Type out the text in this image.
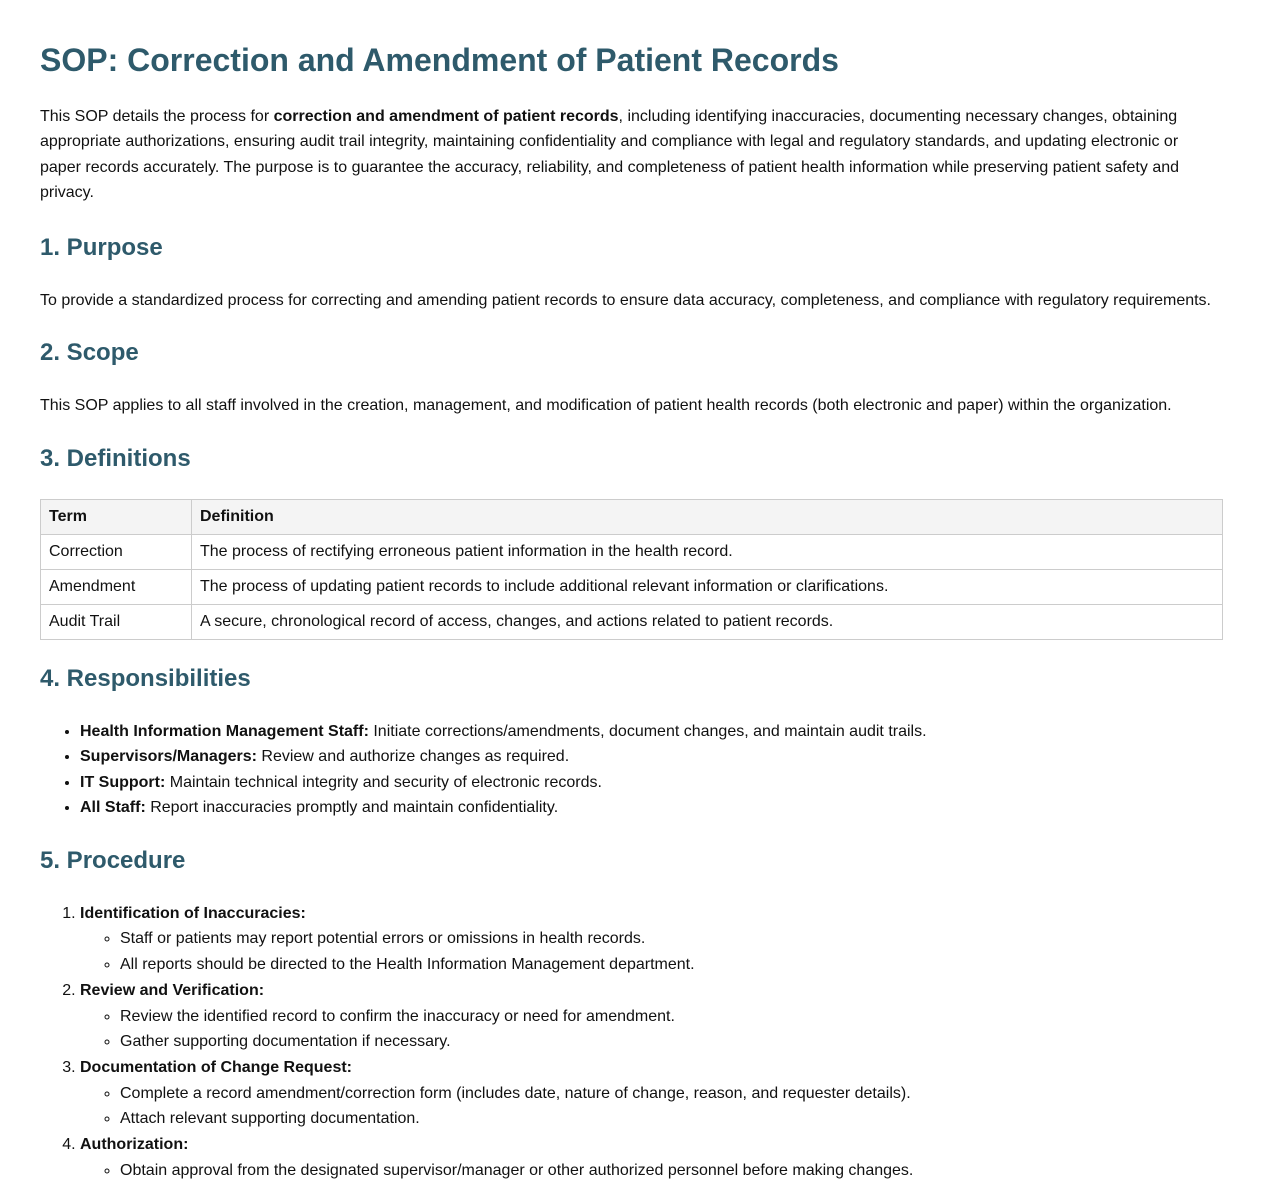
SOP: Correction and Amendment of Patient Records

This SOP details the process for correction and amendment of patient records, including identifying inaccuracies, documenting necessary changes, obtaining appropriate authorizations, ensuring audit trail integrity, maintaining confidentiality and compliance with legal and regulatory standards, and updating electronic or paper records accurately. The purpose is to guarantee the accuracy, reliability, and completeness of patient health information while preserving patient safety and privacy.

1. Purpose

To provide a standardized process for correcting and amending patient records to ensure data accuracy, completeness, and compliance with regulatory requirements.

2. Scope

This SOP applies to all staff involved in the creation, management, and modification of patient health records (both electronic and paper) within the organization.

3. Definitions
Term	Definition
Correction	The process of rectifying erroneous patient information in the health record.
Amendment	The process of updating patient records to include additional relevant information or clarifications.
Audit Trail	A secure, chronological record of access, changes, and actions related to patient records.
4. Responsibilities
• Health Information Management Staff: Initiate corrections/amendments, document changes, and maintain audit trails.
• Supervisors/Managers: Review and authorize changes as required.
• IT Support: Maintain technical integrity and security of electronic records.
• All Staff: Report inaccuracies promptly and maintain confidentiality.
5. Procedure
1. Identification of Inaccuracies:
◦ Staff or patients may report potential errors or omissions in health records.
◦ All reports should be directed to the Health Information Management department.
2. Review and Verification:
◦ Review the identified record to confirm the inaccuracy or need for amendment.
◦ Gather supporting documentation if necessary.
3. Documentation of Change Request:
◦ Complete a record amendment/correction form (includes date, nature of change, reason, and requester details).
◦ Attach relevant supporting documentation.
4. Authorization:
◦ Obtain approval from the designated supervisor/manager or other authorized personnel before making changes.
